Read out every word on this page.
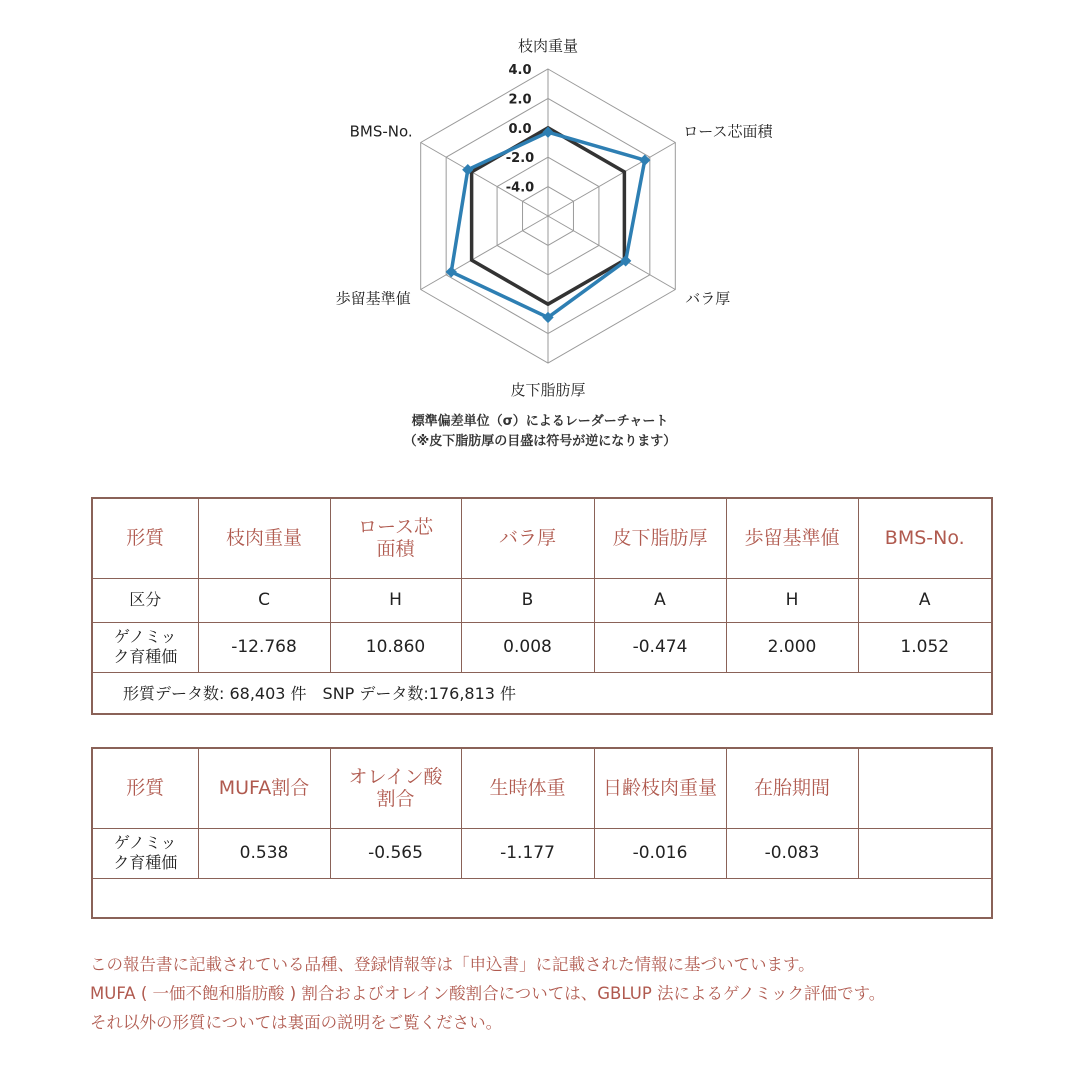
枝肉重量
ロース芯面積
バラ厚
皮下脂肪厚
歩留基準値
BMS-No.
4.0
2.0
0.0
-2.0
-4.0
標準偏差単位（σ）によるレーダーチャート
（※皮下脂肪厚の目盛は符号が逆になります）
形質	枝肉重量	ロース芯面積	バラ厚	皮下脂肪厚	歩留基準値	BMS-No.
区分	C	H	B	A	H	A

ゲノミック育種価	-12.768	10.860	0.008	-0.474	2.000	1.052
形質データ数: 68,403 件　SNP データ数:176,813 件						
形質	MUFA割合	オレイン酸割合	生時体重	日齢枝肉重量	在胎期間	

ゲノミック育種価	0.538	-0.565	-1.177	-0.016	-0.083	

この報告書に記載されている品種、登録情報等は「申込書」に記載された情報に基づいています。
MUFA ( 一価不飽和脂肪酸 ) 割合およびオレイン酸割合については、GBLUP 法によるゲノミック評価です。
それ以外の形質については裏面の説明をご覧ください。
